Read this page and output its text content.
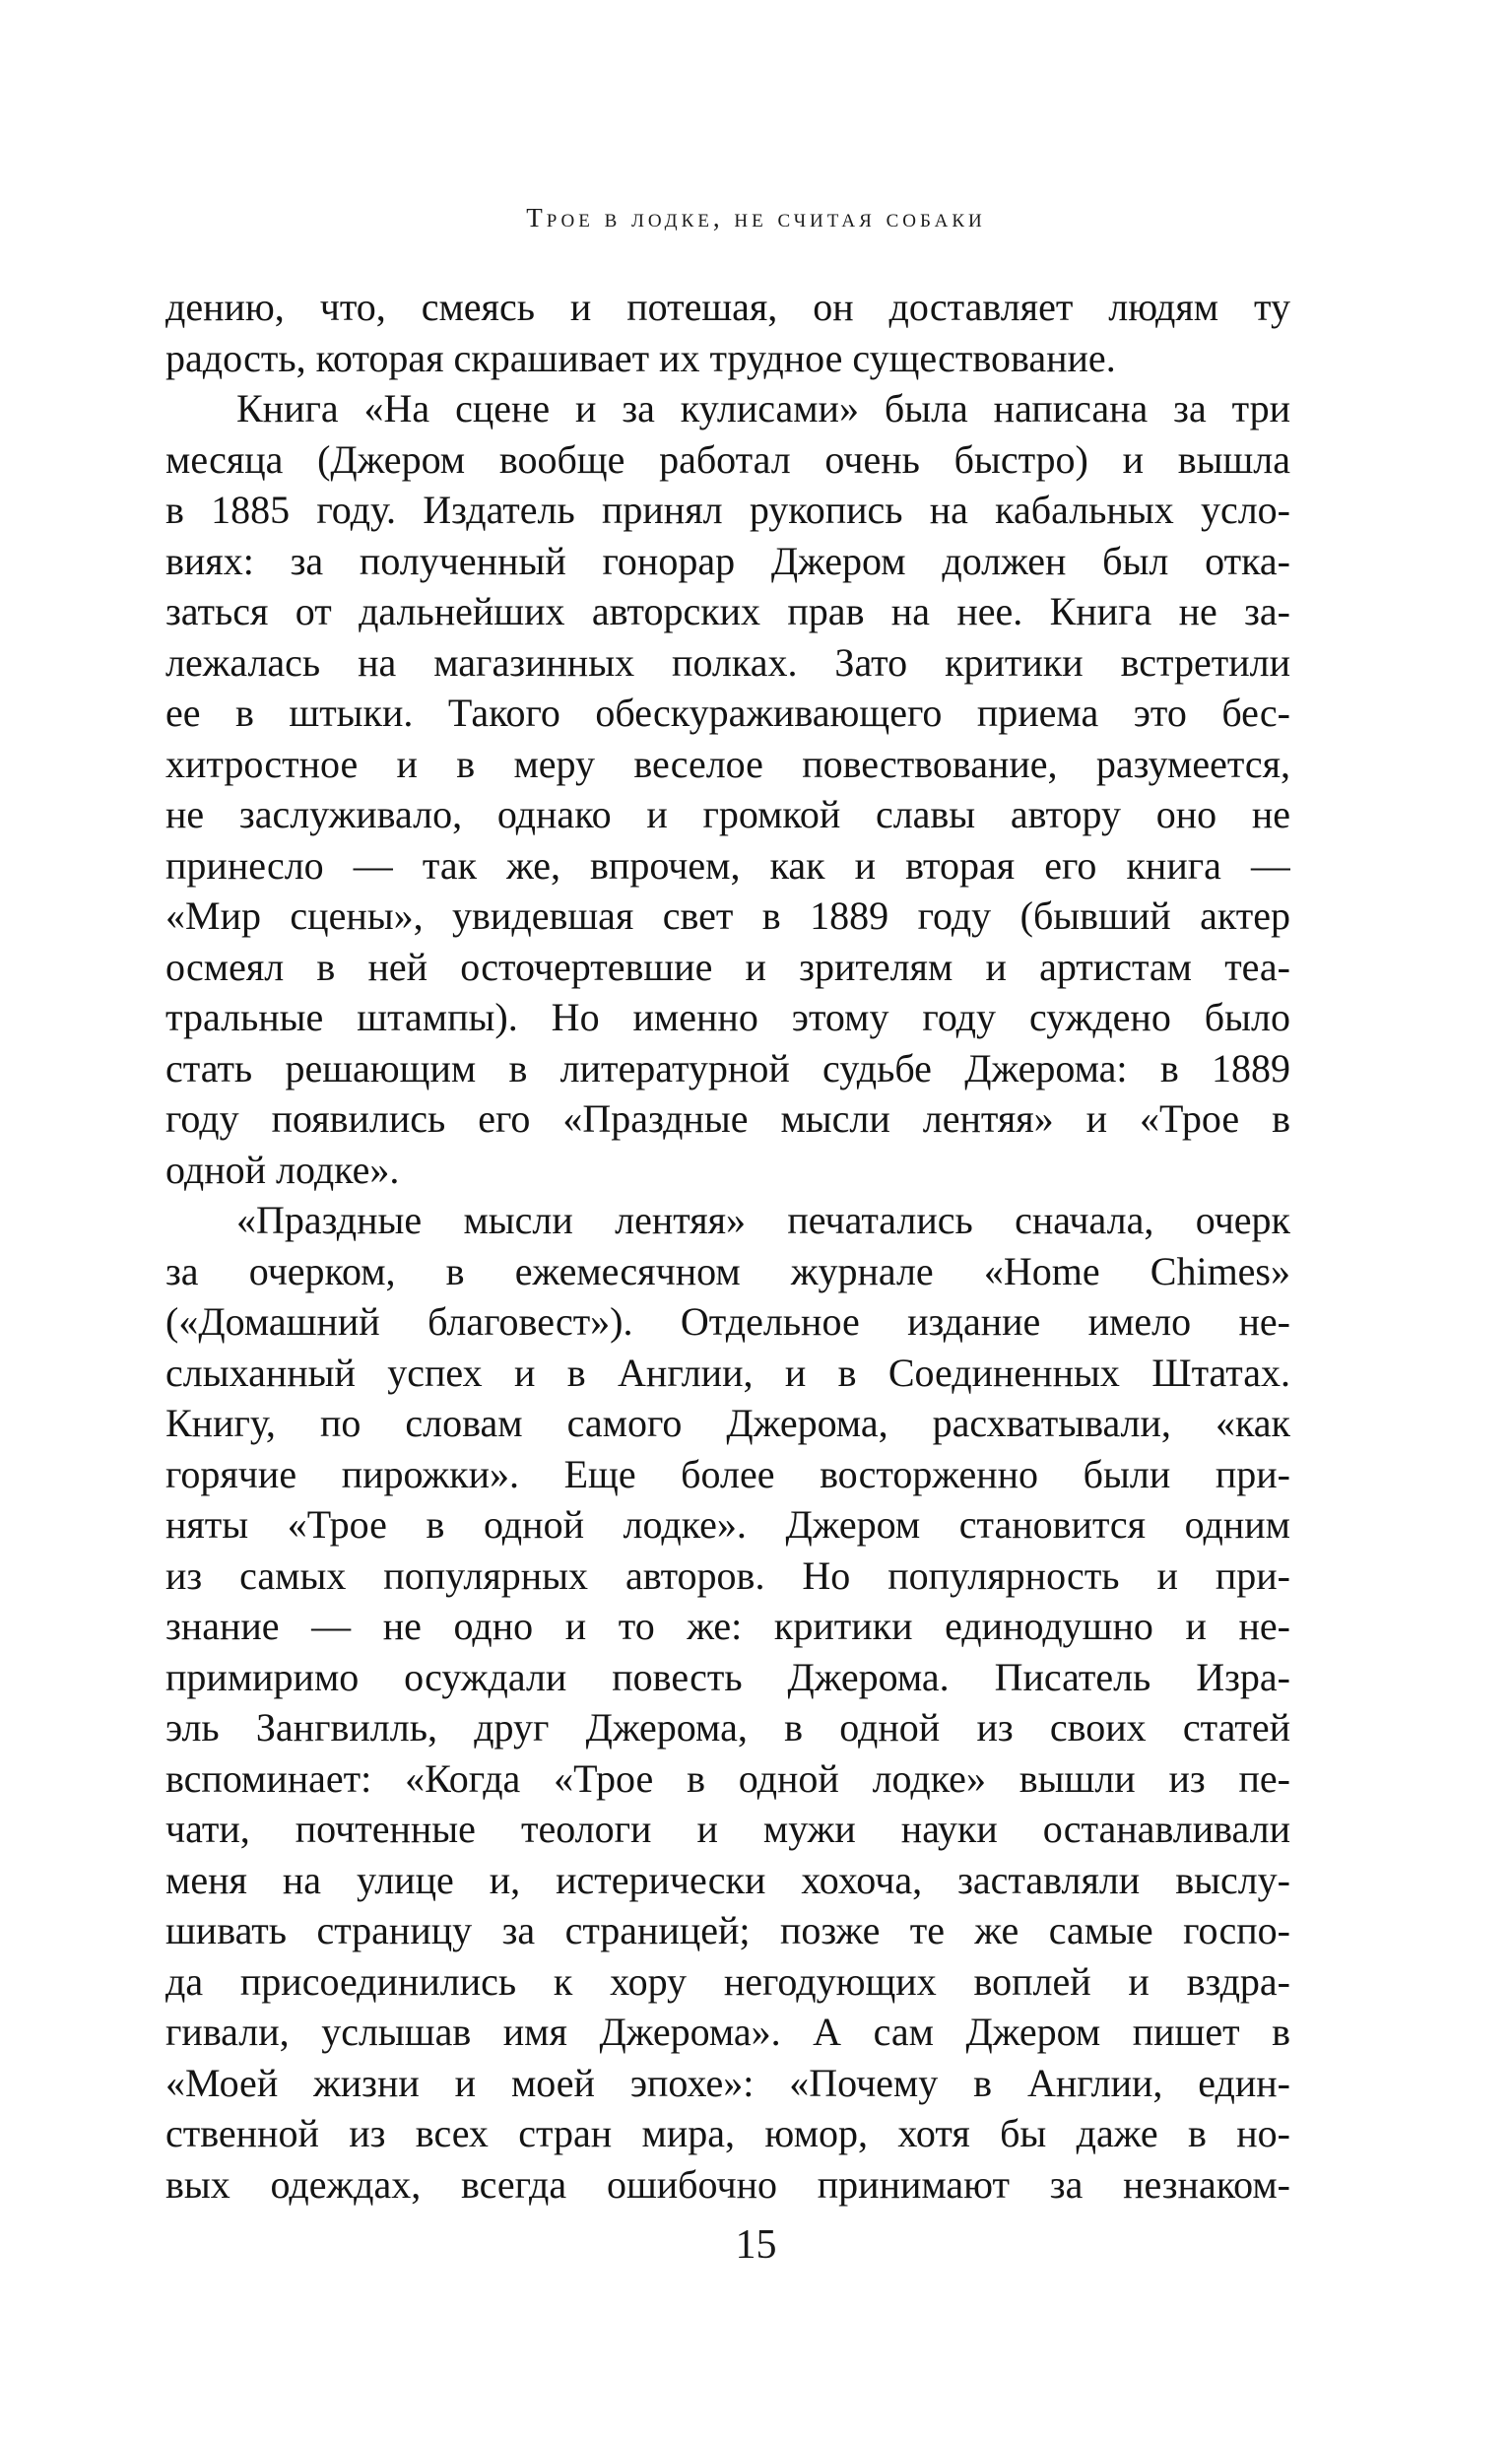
Трое в лодке, не считая собаки
дению, что, смеясь и потешая, он доставляет людям ту
радость, которая скрашивает их трудное существование.
Книга «На сцене и за кулисами» была написана за три
месяца (Джером вообще работал очень быстро) и вышла
в 1885 году. Издатель принял рукопись на кабальных усло-
виях: за полученный гонорар Джером должен был отка-
заться от дальнейших авторских прав на нее. Книга не за-
лежалась на магазинных полках. Зато критики встретили
ее в штыки. Такого обескураживающего приема это бес-
хитростное и в меру веселое повествование, разумеется,
не заслуживало, однако и громкой славы автору оно не
принесло — так же, впрочем, как и вторая его книга —
«Мир сцены», увидевшая свет в 1889 году (бывший актер
осмеял в ней осточертевшие и зрителям и артистам теа-
тральные штампы). Но именно этому году суждено было
стать решающим в литературной судьбе Джерома: в 1889
году появились его «Праздные мысли лентяя» и «Трое в
одной лодке».
«Праздные мысли лентяя» печатались сначала, очерк
за очерком, в ежемесячном журнале «Home Chimes»
(«Домашний благовест»). Отдельное издание имело не-
слыханный успех и в Англии, и в Соединенных Штатах.
Книгу, по словам самого Джерома, расхватывали, «как
горячие пирожки». Еще более восторженно были при-
няты «Трое в одной лодке». Джером становится одним
из самых популярных авторов. Но популярность и при-
знание — не одно и то же: критики единодушно и не-
примиримо осуждали повесть Джерома. Писатель Изра-
эль Зангвилль, друг Джерома, в одной из своих статей
вспоминает: «Когда «Трое в одной лодке» вышли из пе-
чати, почтенные теологи и мужи науки останавливали
меня на улице и, истерически хохоча, заставляли выслу-
шивать страницу за страницей; позже те же самые госпо-
да присоединились к хору негодующих воплей и вздра-
гивали, услышав имя Джерома». А сам Джером пишет в
«Моей жизни и моей эпохе»: «Почему в Англии, един-
ственной из всех стран мира, юмор, хотя бы даже в но-
вых одеждах, всегда ошибочно принимают за незнаком-
15
